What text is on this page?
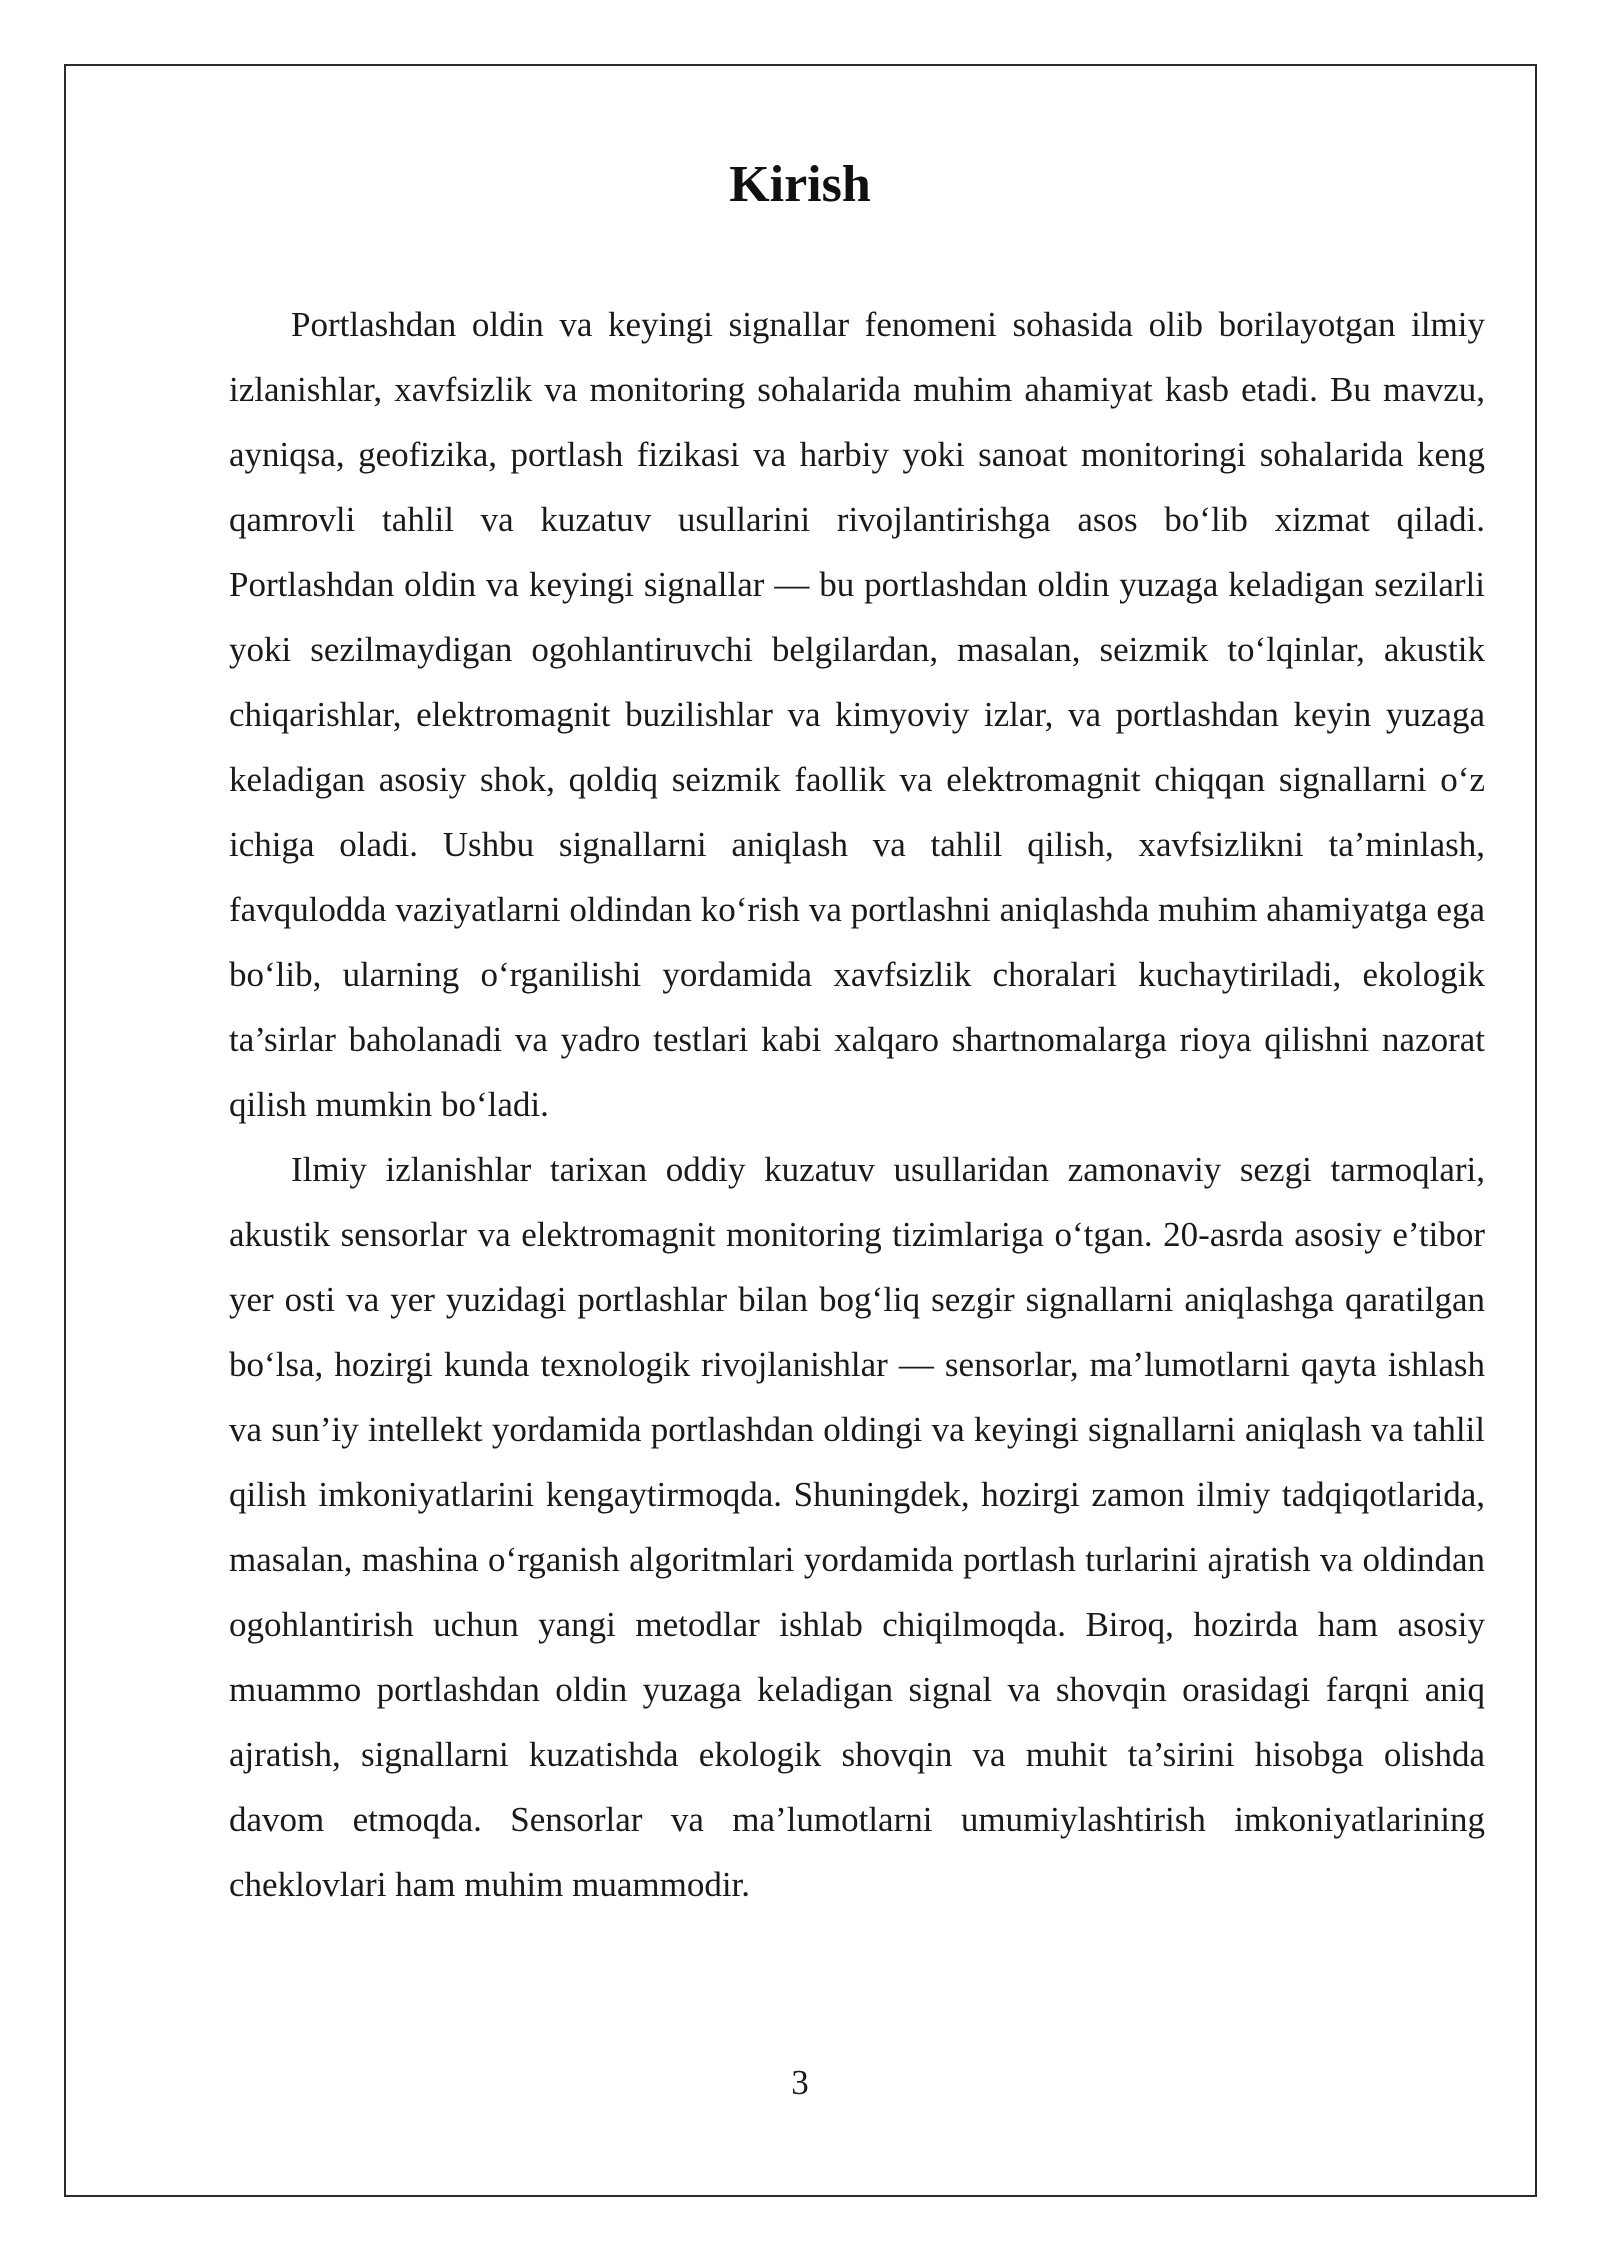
Kirish

Portlashdan oldin va keyingi signallar fenomeni sohasida olib borilayotgan ilmiy izlanishlar, xavfsizlik va monitoring sohalarida muhim ahamiyat kasb etadi. Bu mavzu, ayniqsa, geofizika, portlash fizikasi va harbiy yoki sanoat monitoringi sohalarida keng qamrovli tahlil va kuzatuv usullarini rivojlantirishga asos bo‘lib xizmat qiladi. Portlashdan oldin va keyingi signallar — bu portlashdan oldin yuzaga keladigan sezilarli yoki sezilmaydigan ogohlantiruvchi belgilardan, masalan, seizmik to‘lqinlar, akustik chiqarishlar, elektromagnit buzilishlar va kimyoviy izlar, va portlashdan keyin yuzaga keladigan asosiy shok, qoldiq seizmik faollik va elektromagnit chiqqan signallarni o‘z ichiga oladi. Ushbu signallarni aniqlash va tahlil qilish, xavfsizlikni ta’minlash, favqulodda vaziyatlarni oldindan ko‘rish va portlashni aniqlashda muhim ahamiyatga ega bo‘lib, ularning o‘rganilishi yordamida xavfsizlik choralari kuchaytiriladi, ekologik ta’sirlar baholanadi va yadro testlari kabi xalqaro shartnomalarga rioya qilishni nazorat qilish mumkin bo‘ladi.

Ilmiy izlanishlar tarixan oddiy kuzatuv usullaridan zamonaviy sezgi tarmoqlari, akustik sensorlar va elektromagnit monitoring tizimlariga o‘tgan. 20-asrda asosiy e’tibor yer osti va yer yuzidagi portlashlar bilan bog‘liq sezgir signallarni aniqlashga qaratilgan bo‘lsa, hozirgi kunda texnologik rivojlanishlar — sensorlar, ma’lumotlarni qayta ishlash va sun’iy intellekt yordamida portlashdan oldingi va keyingi signallarni aniqlash va tahlil qilish imkoniyatlarini kengaytirmoqda. Shuningdek, hozirgi zamon ilmiy tadqiqotlarida, masalan, mashina o‘rganish algoritmlari yordamida portlash turlarini ajratish va oldindan ogohlantirish uchun yangi metodlar ishlab chiqilmoqda. Biroq, hozirda ham asosiy muammo portlashdan oldin yuzaga keladigan signal va shovqin orasidagi farqni aniq ajratish, signallarni kuzatishda ekologik shovqin va muhit ta’sirini hisobga olishda davom etmoqda. Sensorlar va ma’lumotlarni umumiylashtirish imkoniyatlarining cheklovlari ham muhim muammodir.

3
